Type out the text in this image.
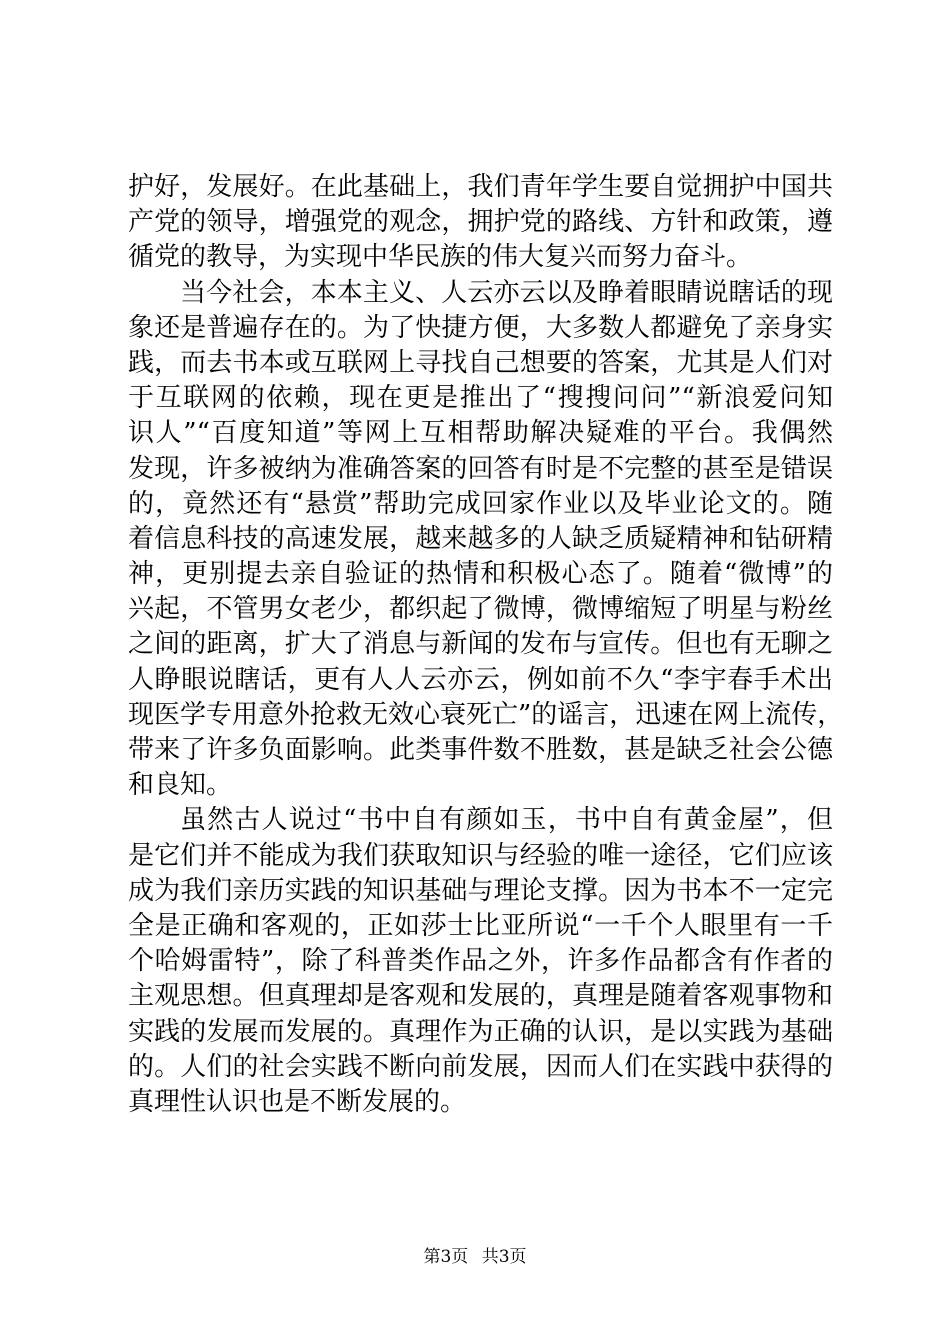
护好，发展好。在此基础上，我们青年学生要自觉拥护中国共
产党的领导，增强党的观念，拥护党的路线、方针和政策，遵
循党的教导，为实现中华民族的伟大复兴而努力奋斗。
当今社会，本本主义、人云亦云以及睁着眼睛说瞎话的现
象还是普遍存在的。为了快捷方便，大多数人都避免了亲身实
践，而去书本或互联网上寻找自己想要的答案，尤其是人们对
于互联网的依赖，现在更是推出了“搜搜问问”“新浪爱问知
识人”“百度知道”等网上互相帮助解决疑难的平台。我偶然
发现，许多被纳为准确答案的回答有时是不完整的甚至是错误
的，竟然还有“悬赏”帮助完成回家作业以及毕业论文的。随
着信息科技的高速发展，越来越多的人缺乏质疑精神和钻研精
神，更别提去亲自验证的热情和积极心态了。随着“微博”的
兴起，不管男女老少，都织起了微博，微博缩短了明星与粉丝
之间的距离，扩大了消息与新闻的发布与宣传。但也有无聊之
人睁眼说瞎话，更有人人云亦云，例如前不久“李宇春手术出
现医学专用意外抢救无效心衰死亡”的谣言，迅速在网上流传，
带来了许多负面影响。此类事件数不胜数，甚是缺乏社会公德
和良知。
虽然古人说过“书中自有颜如玉，书中自有黄金屋”，但
是它们并不能成为我们获取知识与经验的唯一途径，它们应该
成为我们亲历实践的知识基础与理论支撑。因为书本不一定完
全是正确和客观的，正如莎士比亚所说“一千个人眼里有一千
个哈姆雷特”，除了科普类作品之外，许多作品都含有作者的
主观思想。但真理却是客观和发展的，真理是随着客观事物和
实践的发展而发展的。真理作为正确的认识，是以实践为基础
的。人们的社会实践不断向前发展，因而人们在实践中获得的
真理性认识也是不断发展的。
第3页 共3页
